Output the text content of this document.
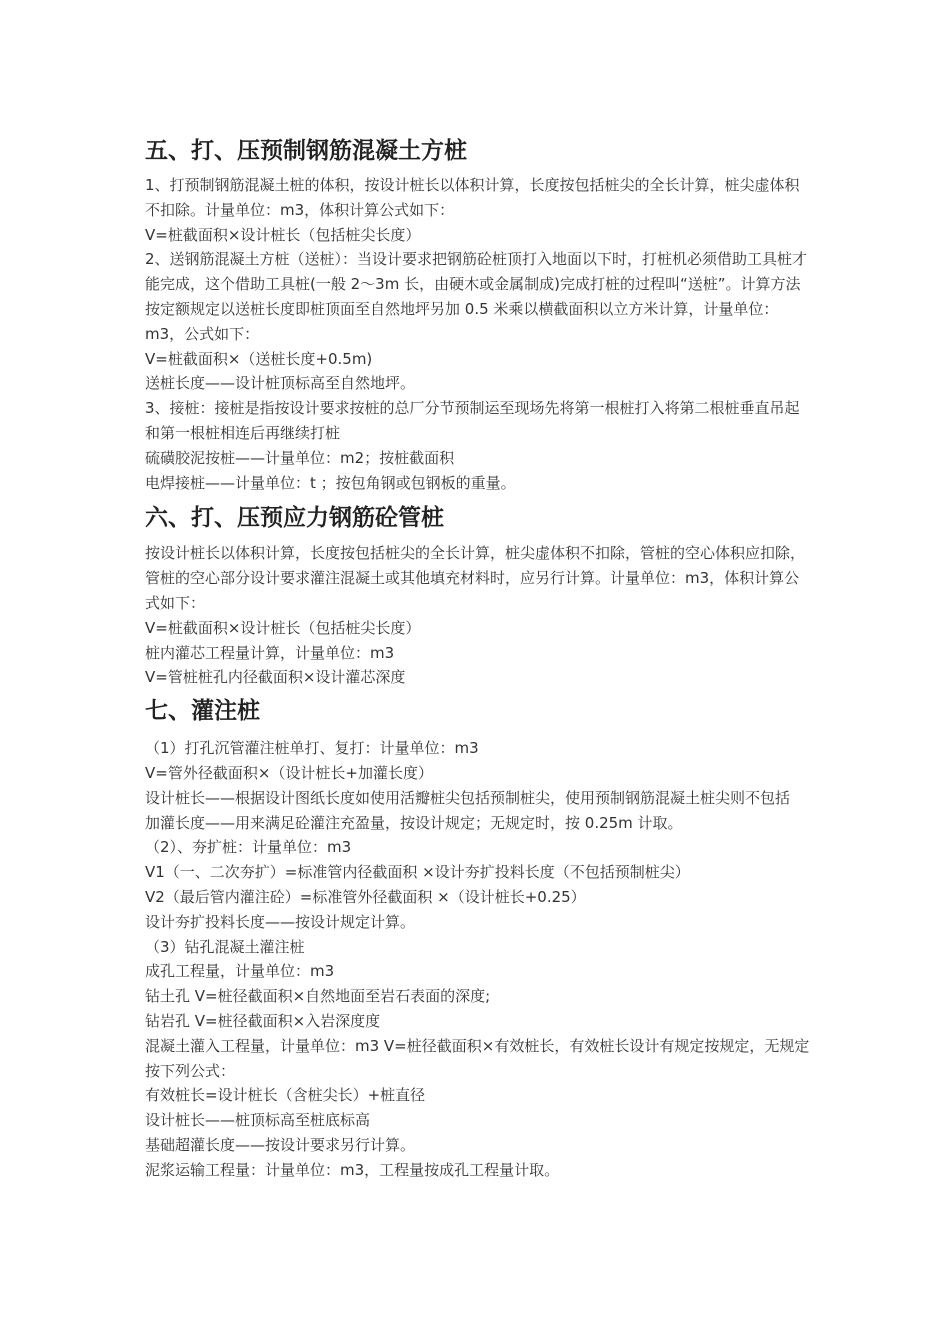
五、打、压预制钢筋混凝土方桩

1、打预制钢筋混凝土桩的体积，按设计桩长以体积计算，长度按包括桩尖的全长计算，桩尖虚体积不扣除。计量单位：m3，体积计算公式如下：

V=桩截面积×设计桩长（包括桩尖长度）

2、送钢筋混凝土方桩（送桩）：当设计要求把钢筋砼桩顶打入地面以下时，打桩机必须借助工具桩才能完成，这个借助工具桩(一般 2～3m 长，由硬木或金属制成)完成打桩的过程叫“送桩”。计算方法按定额规定以送桩长度即桩顶面至自然地坪另加 0.5 米乘以横截面积以立方米计算，计量单位：m3，公式如下：

V=桩截面积×（送桩长度+0.5m)

送桩长度——设计桩顶标高至自然地坪。

3、接桩：接桩是指按设计要求按桩的总厂分节预制运至现场先将第一根桩打入将第二根桩垂直吊起和第一根桩相连后再继续打桩

硫磺胶泥按桩——计量单位：m2；按桩截面积

电焊接桩——计量单位：t ；按包角钢或包钢板的重量。

六、打、压预应力钢筋砼管桩

按设计桩长以体积计算，长度按包括桩尖的全长计算，桩尖虚体积不扣除，管桩的空心体积应扣除，管桩的空心部分设计要求灌注混凝土或其他填充材料时，应另行计算。计量单位：m3，体积计算公式如下：

V=桩截面积×设计桩长（包括桩尖长度）

桩内灌芯工程量计算，计量单位：m3

V=管桩桩孔内径截面积×设计灌芯深度

七、灌注桩

（1）打孔沉管灌注桩单打、复打：计量单位：m3

V=管外径截面积×（设计桩长+加灌长度）

设计桩长——根据设计图纸长度如使用活瓣桩尖包括预制桩尖，使用预制钢筋混凝土桩尖则不包括

加灌长度——用来满足砼灌注充盈量，按设计规定；无规定时，按 0.25m 计取。

（2）、夯扩桩：计量单位：m3

V1（一、二次夯扩）=标准管内径截面积 ×设计夯扩投料长度（不包括预制桩尖）

V2（最后管内灌注砼）=标准管外径截面积 ×（设计桩长+0.25）

设计夯扩投料长度——按设计规定计算。

（3）钻孔混凝土灌注桩

成孔工程量，计量单位：m3

钻土孔 V=桩径截面积×自然地面至岩石表面的深度;

钻岩孔 V=桩径截面积×入岩深度度

混凝土灌入工程量，计量单位：m3 V=桩径截面积×有效桩长，有效桩长设计有规定按规定，无规定按下列公式：

有效桩长=设计桩长（含桩尖长）+桩直径

设计桩长——桩顶标高至桩底标高

基础超灌长度——按设计要求另行计算。

泥浆运输工程量：计量单位：m3，工程量按成孔工程量计取。
